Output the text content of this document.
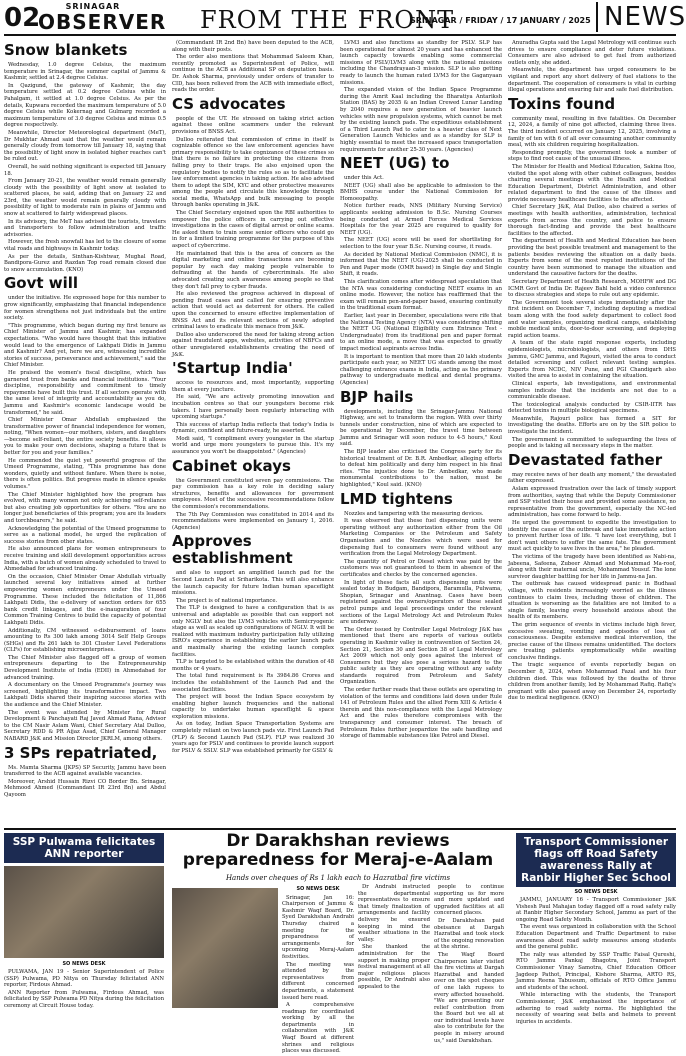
02	SRINAGAR
OBSERVER FROM THE FRONT
SRINAGAR / FRIDAY / 17 JANUARY / 2025 NEWS
Snow blankets

Wednesday, 1.0 degree Celsius, the maximum temperature in Srinagar, the summer capital of Jammu & Kashmir, settled at 2.4 degree Celsius.

In Qazigund, the gateway of Kashmir, the day temperature settled at 0.2 degree Celsius while in Pahalgam, it settled at 1.0 degree Celsius. As per the details, Kupwara recorded the maximum temperature of 5.0 degree Celsius while Kokernag and Gulmarg recorded a maximum temperature of 3.0 degree Celsius and minus 0.5 degree respectively.

Meanwhile, Director Meteorological department (MeT), Dr Mukhtar Ahmad said that the weather would remain generally cloudy from tomorrow till January 18, saying that the possibility of light snow in isolated higher reaches can't be ruled out.

Overall, he said nothing significant is expected till January 18.

From January 20-21, the weather would remain generally cloudy with the possibility of light snow at isolated to scattered places, he said, adding that on January 22 and 23rd, the weather would remain generally cloudy with possibility of light to moderate rain in plains of Jammu and snow at scattered to fairly widespread places.

In its advisory, the MeT has advised the tourists, travelers and transporters to follow administration and traffic advisories.

However, the fresh snowfall has led to the closure of some vital roads and highways in Kashmir today.

As per the details, Sinthan-Kishtwar, Mughal Road, Bandipora-Gurez and Razdan Top road remain closed due to snow accumulation. (KNO)

Govt will

under the initiative. He expressed hope for this number to grow significantly, emphasizing that financial independence for women strengthens not just individuals but the entire society.

"This programme, which began during my first tenure as Chief Minister of Jammu and Kashmir, has expanded expectations. "Who would have thought that this initiative would lead to the emergence of Lakhpati Didis in Jammu and Kashmir? And yet, here we are, witnessing incredible stories of success, perseverance and achievement," said the Chief Minister.

He praised the women's fiscal discipline, which has garnered trust from banks and financial institutions. "Your discipline, responsibility and commitment to timely repayments have built this trust. If all sectors operate with the same level of integrity and accountability as you do, Jammu and Kashmir's economic landscape would be transformed," he said.

Chief Minister Omar Abdullah emphasized the transformative power of financial independence for women, noting, "When women—our mothers, sisters, and daughters—become self-reliant, the entire society benefits. It allows you to make your own decisions, shaping a future that is better for you and your families."

He commended the quiet yet powerful progress of the Umeed Programme, stating, "This programme has done wonders, quietly and without fanfare. When there is noise, there is often politics. But progress made in silence speaks volumes."

The Chief Minister highlighted how the program has evolved, with many women not only achieving self-reliance but also creating job opportunities for others. "You are no longer just beneficiaries of this program; you are its leaders and torchbearers," he said.

Acknowledging the potential of the Umeed programme to serve as a national model, he urged the replication of success stories from other states.

He also announced plans for women entrepreneurs to receive training and skill development opportunities across India, with a batch of women already scheduled to travel to Ahmedabad for advanced training.

On the occasion, Chief Minister Omar Abdullah virtually launched several key initiatives aimed at further empowering women entrepreneurs under the Umeed Programme. These included the felicitation of 11,866 Lakhpati Didis, the e-delivery of sanction orders for 655 bank credit linkages, and the e-inauguration of four Common Training Centres to build the capacity of potential Lakhpati Didis.

Additionally, CM witnessed e-disbursement of loans amounting to Rs 300 lakh among 3014 Self Help Groups (SHGs) and Rs 261 lakh to 301 Cluster Level Federations (CLFs) for establishing microenterprises.

The Chief Minister also flagged off a group of women entrepreneurs departing to the Entrepreneurship Development Institute of India (EDII) in Ahmedabad for advanced training.

A documentary on the Umeed Programme's journey was screened, highlighting its transformative impact. Two Lakhpati Didis shared their inspiring success stories with the audience and the Chief Minister.

The event was attended by Minister for Rural Development & Panchayati Raj Javed Ahmad Rana, Advisor to the CM Nasir Aslam Wani, Chief Secretary Atal Dulloo, Secretary RDD & PR Aijaz Asad, Chief General Manager NABARD J&K and Mission Director JKRLM, among others.

3 SPs repatriated,

Ms. Mamta Sharma (JKPS) SP Security, Jammu have been transferred to the ACB against available vacancies.

Moreover, Arshid Hussain Rizvi CO Border Bn. Srinagar, Mehmood Ahmed (Commandant IR 23rd Bn) and Abdul Qayoom

(Commandant IR 2nd Bn) have been deputed to the ACB, along with their posts.

The order also mentions that Mohammad Saleem Khan, recently promoted as Superintendent of Police, will continue in the ACB as Additional SP on deputation basis. Dr. Ashok Sharma, previously under orders of transfer to CID, has been relieved from the ACB with immediate effect, reads the order.

CS advocates

people of the UT. He stressed on taking strict action against these online scammers under the relevant provisions of BNSS Act.

Dulloo reiterated that commission of crime in itself is cognizable offence so the law enforcement agencies have primary responsibility to take cognizance of these crimes so that there is no failure in protecting the citizens from falling prey to their traps. He also enjoined upon the regulatory bodies to notify the rules so as to facilitate the law enforcement agencies in taking action. He also advised them to adopt the SIM, KYC and other protective measures among the people and circulate this knowledge through social media, WhatsApp and bulk messaging to people through banks operating in J&K.

The Chief Secretary enjoined upon the RBI authorities to empower the police officers in carrying out effective investigations in the cases of digital arrest or online scams. He asked them to train some senior officers who could go in for a limited training programme for the purpose of this aspect of cybercrime.

He maintained that this is the area of concern as the digital marketing and online transactions are becoming popular by each day making people vulnerable to defrauding at the hands of cybercriminals. He also advocated creating such awareness among people so that they don't fall prey to cyber frauds.

He also reviewed the progress achieved in disposal of pending fraud cases and called for ensuring preventive action that would act as deterrent for others. He called upon the concerned to ensure effective implementation of BNSS Act and its relevant sections of newly adopted criminal laws to eradicate this menace from J&K.

Dulloo also underscored the need for taking strong action against fraudulent apps, websites, activities of NBFCs and other unregistered establishments creating the need of J&K.

'Startup India'

access to resources and, most importantly, supporting them at every juncture.

He said, "We are actively promoting innovation and incubation centres so that our youngsters become risk takers. I have personally been regularly interacting with upcoming startups."

This success of startup India reflects that today's India is dynamic, confident and future-ready, he asserted.

Modi said, "I compliment every youngster in the startup world and urge more youngsters to pursue this. It's my assurance you won't be disappointed." (Agencies)

Cabinet okays

the Government constituted seven pay commissions. The pay commission has a key role in deciding salary structures, benefits and allowances for government employees. Most of the successive recommendations follow the commission's recommendations.

The 7th Pay Commission was constituted in 2014 and its recommendations were implemented on January 1, 2016. (Agencies)

Approves establishment

and also to support an amplified launch pad for the Second Launch Pad at Sriharikota. This will also enhance the launch capacity for future Indian human spaceflight missions.

The project is of national importance.

The TLP is designed to have a configuration that is as universal and adaptable as possible that can support not only NGLV but also the LVM3 vehicles with Semicryogenic stage as well as scaled up configurations of NGLV. It will be realized with maximum industry participation fully utilizing ISRO's experience in establishing the earlier launch pads and maximally sharing the existing launch complex facilities.

TLP is targeted to be established within the duration of 48 months or 4 years.

The total fund requirement is Rs 3984.86 Crores and includes the establishment of the Launch Pad and the associated facilities.

The project will boost the Indian Space ecosystem by enabling higher launch frequencies and the national capacity to undertake human spaceflight & space exploration missions.

As on today, Indian Space Transportation Systems are completely reliant on two launch pads viz. First Launch Pad (FLP) & Second Launch Pad (SLP). FLP was realized 30 years ago for PSLV and continues to provide launch support for PSLV & SSLV. SLP was established primarily for GSLV &

LVM3 and also functions as standby for PSLV. SLP has been operational for almost 20 years and has enhanced the launch capacity towards enabling some commercial missions of PSLV/LVM3 along with the national missions including the Chandrayaan-3 mission. SLP is also getting ready to launch the human rated LVM3 for the Gaganyaan missions.

The expanded vision of the Indian Space Programme during the Amrit Kaal including the Bharatiya Antariksh Station (BAS) by 2035 & an Indian Crewed Lunar Landing by 2040 requires a new generation of heavier launch vehicles with new propulsion systems, which cannot be met by the existing launch pads. The expeditious establishment of a Third Launch Pad to cater to a heavier class of Next Generation Launch Vehicles and as a standby for SLP is highly essential to meet the increased space transportation requirements for another 25-30 years. (Agencies)

NEET (UG) to

under this Act.

NEET (UG) shall also be applicable to admission to the BMHS course under the National Commission for Homoeopathy.

Notice further reads, NNS (Military Nursing Service) applicants seeking admission to B.Sc. Nursing Courses being conducted at Armed Forces Medical Services Hospitals for the year 2025 are required to qualify for NEET (UG).

The NEET (UG) score will be used for shortlisting for selection to the four year B.Sc. Nursing course, it reads.

As decided by National Medical Commission (NMC), it is informed that the NEET (UG)-2025 shall be conducted in Pen and Paper mode (OMR based) in Single day and Single Shift, it reads.

This clarification comes after widespread speculation that the NTA was considering conducting NEET exams in an online mode. However, the notice has reaffirmed that the exam will remain pen-and-paper based, ensuring continuity in the traditional exam format.

Earlier, last year in December, speculations were rife that the National Testing Agency (NTA) was considering shifting the NEET UG (National Eligibility cum Entrance Test - Undergraduate) from its traditional pen and paper format to an online mode, a move that was expected to greatly impact medical aspirants across India.

It is important to mention that more than 20 lakh students participate each year, so NEET UG stands among the most challenging entrance exams in India, acting as the primary pathway to undergraduate medical and dental programs. (Agencies)

BJP hails

developments, including the Srinagar-Jammu National Highway, are set to transform the region. With over thirty tunnels under construction, nine of which are expected to be operational by December, the travel time between Jammu and Srinagar will soon reduce to 4-5 hours," Koul said.

The BJP leader also criticised the Congress party for its historical treatment of Dr. B.R. Ambedkar, alleging efforts to defeat him politically and deny him respect in his final rites. "The injustice done to Dr. Ambedkar, who made monumental contributions to the nation, must be highlighted," Koul said. (KNO)

LMD tightens

Nozzles and tampering with the measuring devices.

It was observed that these fuel dispensing units were operating without any authorization either from the Oil Marketing Companies or the Petroleum and Safety Organisation and the Nozzles which were used for dispensing fuel to consumers were found without any verification from the Legal Metrology Department.

The quantity of Petrol or Diesel which was paid by the customers was not guaranteed to them in absence of the certificates and checks by the concerned agencies.

In light of these facts all such dispensing units were sealed today in Budgam, Bandipora, Baramulla, Pulwama, Shopian, Srinagar and Anantnag. Cases have been registered against the owners/operators of these sealed petrol pumps and legal proceedings under the relevant sections of the Legal Metrology Act and Petroleum Rules are underway.

The Order issued by Controller Legal Metrology J&K has mentioned that there are reports of various outlets operating in Kashmir valley in contravention of Section 24, Section 21, Section 30 and Section 38 of Legal Metrology Act 2009 which not only goes against the interest of Consumers but they also pose a serious hazard to the public safety as they are operating without any safety standards required from Petroleum and Safety Organization.

The order further reads that these outlets are operating in violation of the terms and conditions laid down under Rule 141 of Petroleum Rules and the allied Form XIII & Article 4 therein and this non-compliance with the Legal Metrology Act and the rules therefore compromises with the transparency and consumer interest. The breach of Petroleum Rules further jeopardize the safe handling and storage of flammable substances like Petrol and Diesel.

Anuradha Gupta said the Legal Metrology will continue such drives to ensure compliance and deter future violations. Consumers are also advised to get fuel from authorized outlets only, she added.

Meanwhile, the department has urged consumers to be vigilant and report any short delivery of fuel stations to the department. The cooperation of consumers is vital in curbing illegal operations and ensuring fair and safe fuel distribution.

Toxins found

community meal, resulting in five fatalities. On December 12, 2024, a family of nine got affected, claiming three lives. The third incident occurred on January 12, 2025, involving a family of ten with 6 of all over consuming another community meal, with six children requiring hospitalization.

Responding promptly, the government took a number of steps to find root cause of the unusual illness.

The Minister for Health and Medical Education, Sakina Itoo, visited the spot along with other cabinet colleagues, besides chairing several meetings with the Health and Medical Education Department, District Administration, and other related department to find the cause of the illness and provide necessary healthcare facilities to the affected.

Chief Secretary J&K, Atal Dulloo, also chaired a series of meetings with health authorities, administration, technical experts from across the country, and police to ensure thorough fact-finding and provide the best healthcare facilities to the affected.

The department of Health and Medical Education has been providing the best possible treatment and management to the patients besides reviewing the situation on a daily basis. Experts from some of the most reputed institutions of the country have been summoned to manage the situation and understand the causative factors for the deaths.

Secretary Department of Health Research, MOHFW and DG ICMR Govt of India Dr. Rajeev Bahl held a video conference to discuss strategies and steps to rule out any epidemic.

The Government took several steps immediately after the first incident on December 7, including deputing a medical team along with the food safety department to collect food and water samples, organizing medical camps, establishing mobile medical units, door-to-door screening, and deploying rapid action teams.

A team of the state rapid response experts, including epidemiologists, microbiologists, and others from DHS Jammu, GMC Jammu, and Rajouri, visited the area to conduct detailed screening and collect relevant testing samples. Experts from NCDC, NIV Pune, and PGI Chandigarh also visited the area to assist in containing the situation.

Clinical experts, lab investigations, and environmental samples indicate that the incidents are not due to a communicable disease.

The toxicological analysis conducted by CSIR-IITR has detected toxins in multiple biological specimens.

Meanwhile, Rajouri police has formed a SIT for investigating the deaths. Efforts are on by the SIR police to investigate the incident.

The government is committed to safeguarding the lives of people and is taking all necessary steps in the matter.

Devastated father

may receive news of her death any moment," the devastated father expressed.

Aslam expressed frustration over the lack of timely support from authorities, saying that while the Deputy Commissioner and SSP visited their house and provided some assistance, no representative from the government, especially the NC-led administration, has come forward to help.

He urged the government to expedite the investigation to identify the cause of the outbreak and take immediate action to prevent further loss of life. "I have lost everything, but I don't want others to suffer the same fate. The government must act quickly to save lives in the area," he pleaded.

The victims of the tragedy have been identified as Nabi-na, Jabeena, Safeena, Zubeer Ahmad and Mohammad Ma-roof, along with their maternal uncle, Mohammad Yousuf. The lone survivor daughter battling for her life in Jammu-na Jan.

The outbreak has caused widespread panic in Budhaal village, with residents increasingly worried as the illness continues to claim lives, including those of children. The situation is worsening as the fatalities are not limited to a single family, leaving every household anxious about the health of its members.

The grim sequence of events in victims include high fever, excessive sweating, vomiting and episodes of loss of consciousness. Despite extensive medical intervention, the precise cause of the illness remains unidentified. The doctors are treating patients symptomatically while awaiting conclusive findings.

The tragic sequence of events reportedly began on December 8, 2024, when Mohammad Fazal and his four children died. This was followed by the deaths of three children from another family, led by Mohammad Rafiq. Rafiq's pregnant wife also passed away on December 24, reportedly due to medical negligence. (KNO)

SSP Pulwama felicitates ANN reporter
SO NEWS DESK

PULWAMA, JAN 19 - Senior Superintendent of Police (SSP) Pulwama, PD Nitya on Thursday felicitated ANN reporter, Firdous Ahmad.

ANN Reporter from Pulwama, Firdous Ahmad, was felicitated by SSP Pulwama PD Nitya during the felicitation ceremony at Circuit House today.

Transport Commissioner flags off Road Safety awareness Rally at Ranbir Higher Sec School
SO NEWS DESK

JAMMU, JANUARY 16 - Transport Commissioner J&K Vishesh Paul Mahajan today flagged off a road safety rally at Ranbir Higher Secondary School, Jammu as part of the ongoing Road Safety Month.

The event was organized in collaboration with the School Education Department and Traffic Department to raise awareness about road safety measures among students and the general public.

The rally was attended by SSP Traffic Faisal Qureshi, RTO Jammu Pankaj Bhagotra, Joint Transport Commissioner Vinay Samotra, Chief Education Officer Jagdeep Pathot, Principal, Kishore Sharma, ARTO RS, Jammu Reena Tabussum, officials of RTO Office Jammu and students of the school.

While interacting with the students, the Transport Commissioner, J&K emphasized the importance of adhering to road safety norms. He highlighted the necessity of wearing seat belts and helmets to prevent injuries in accidents.

Dr Darakhshan reviews preparedness for Meraj-e-Aalam
Hands over cheques of Rs 1 lakh each to Hazratbal fire victims
SO NEWS DESK

Srinagar, Jan 16: Chairperson of Jammu & Kashmir Waqf Board, Dr. Syed Darakhshan Andrabi Thursday chaired a meeting for the preparedness of arrangements for upcoming Meraj-Aalam festivities.

The meeting was attended by the representatives from different concerned departments, a statement issued here read.

A comprehensive roadmap for coordinated working by all the departments in collaboration with J&K Waqf Board at different shrines and religious places was discussed.

Dr Andrabi instructed the departmental representatives to ensure that timely finalization of arrangements and facility delivery be ensured keeping in mind the weather situations in the valley.

She thanked the administration for the support in making proper festival management at all major religious places possible, Dr Andrabi also appealed to the

people to continue supporting us for more and more updated and upgraded facilities at all concerned places.

Dr Darakhshan paid obeisance at Dargah Hazratbal and took stock of the ongoing renovation at the shrine.

The Waqf Board Chairperson later visited the fire victims at Dargah Hazratbal and handed over on the spot cheques of one lakh rupees to every affected household. "We are presenting our relief contribution from the Board but we all at our individual levels have also to contribute for the people in misery around us," said Darakhshan.
